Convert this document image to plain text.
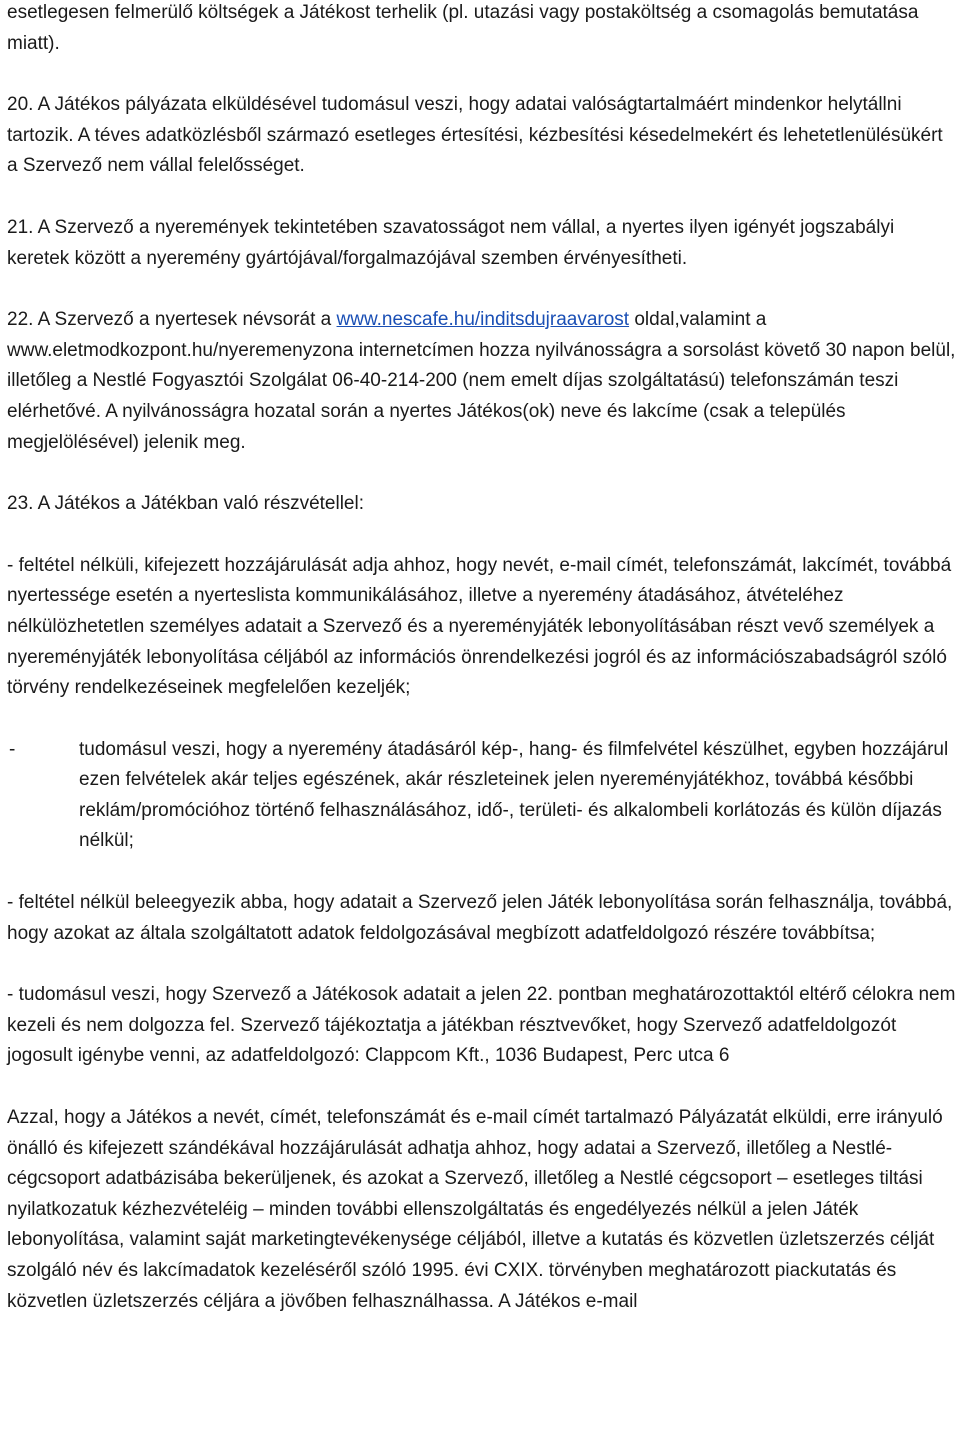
esetlegesen felmerülő költségek a Játékost terhelik (pl. utazási vagy postaköltség a csomagolás bemutatása miatt).

20. A Játékos pályázata elküldésével tudomásul veszi, hogy adatai valóságtartalmáért mindenkor helytállni tartozik. A téves adatközlésből származó esetleges értesítési, kézbesítési késedelmekért és lehetetlenülésükért a Szervező nem vállal felelősséget.

21. A Szervező a nyeremények tekintetében szavatosságot nem vállal, a nyertes ilyen igényét jogszabályi keretek között a nyeremény gyártójával/forgalmazójával szemben érvényesítheti.

22. A Szervező a nyertesek névsorát a www.nescafe.hu/inditsdujraavarost oldal,valamint a www.eletmodkozpont.hu/nyeremenyzona internetcímen hozza nyilvánosságra a sorsolást követő 30 napon belül, illetőleg a Nestlé Fogyasztói Szolgálat 06-40-214-200 (nem emelt díjas szolgáltatású) telefonszámán teszi elérhetővé. A nyilvánosságra hozatal során a nyertes Játékos(ok) neve és lakcíme (csak a település megjelölésével) jelenik meg.

23. A Játékos a Játékban való részvétellel:

- feltétel nélküli, kifejezett hozzájárulását adja ahhoz, hogy nevét, e-mail címét, telefonszámát, lakcímét, továbbá nyertessége esetén a nyerteslista kommunikálásához, illetve a nyeremény átadásához, átvételéhez nélkülözhetetlen személyes adatait a Szervező és a nyereményjáték lebonyolításában részt vevő személyek a nyereményjáték lebonyolítása céljából az információs önrendelkezési jogról és az információszabadságról szóló törvény rendelkezéseinek megfelelően kezeljék;

-	tudomásul veszi, hogy a nyeremény átadásáról kép-, hang- és filmfelvétel készülhet, egyben hozzájárul ezen felvételek akár teljes egészének, akár részleteinek jelen nyereményjátékhoz, továbbá későbbi reklám/promócióhoz történő felhasználásához, idő-, területi- és alkalombeli korlátozás és külön díjazás nélkül;

- feltétel nélkül beleegyezik abba, hogy adatait a Szervező jelen Játék lebonyolítása során felhasználja, továbbá, hogy azokat az általa szolgáltatott adatok feldolgozásával megbízott adatfeldolgozó részére továbbítsa;

- tudomásul veszi, hogy Szervező a Játékosok adatait a jelen 22. pontban meghatározottaktól eltérő célokra nem kezeli és nem dolgozza fel. Szervező tájékoztatja a játékban résztvevőket, hogy Szervező adatfeldolgozót jogosult igénybe venni, az adatfeldolgozó: Clappcom Kft., 1036 Budapest, Perc utca 6

Azzal, hogy a Játékos a nevét, címét, telefonszámát és e-mail címét tartalmazó Pályázatát elküldi, erre irányuló önálló és kifejezett szándékával hozzájárulását adhatja ahhoz, hogy adatai a Szervező, illetőleg a Nestlé-cégcsoport adatbázisába bekerüljenek, és azokat a Szervező, illetőleg a Nestlé cégcsoport – esetleges tiltási nyilatkozatuk kézhezvételéig – minden további ellenszolgáltatás és engedélyezés nélkül a jelen Játék lebonyolítása, valamint saját marketingtevékenysége céljából, illetve a kutatás és közvetlen üzletszerzés célját szolgáló név és lakcímadatok kezeléséről szóló 1995. évi CXIX. törvényben meghatározott piackutatás és közvetlen üzletszerzés céljára a jövőben felhasználhassa. A Játékos e-mail
